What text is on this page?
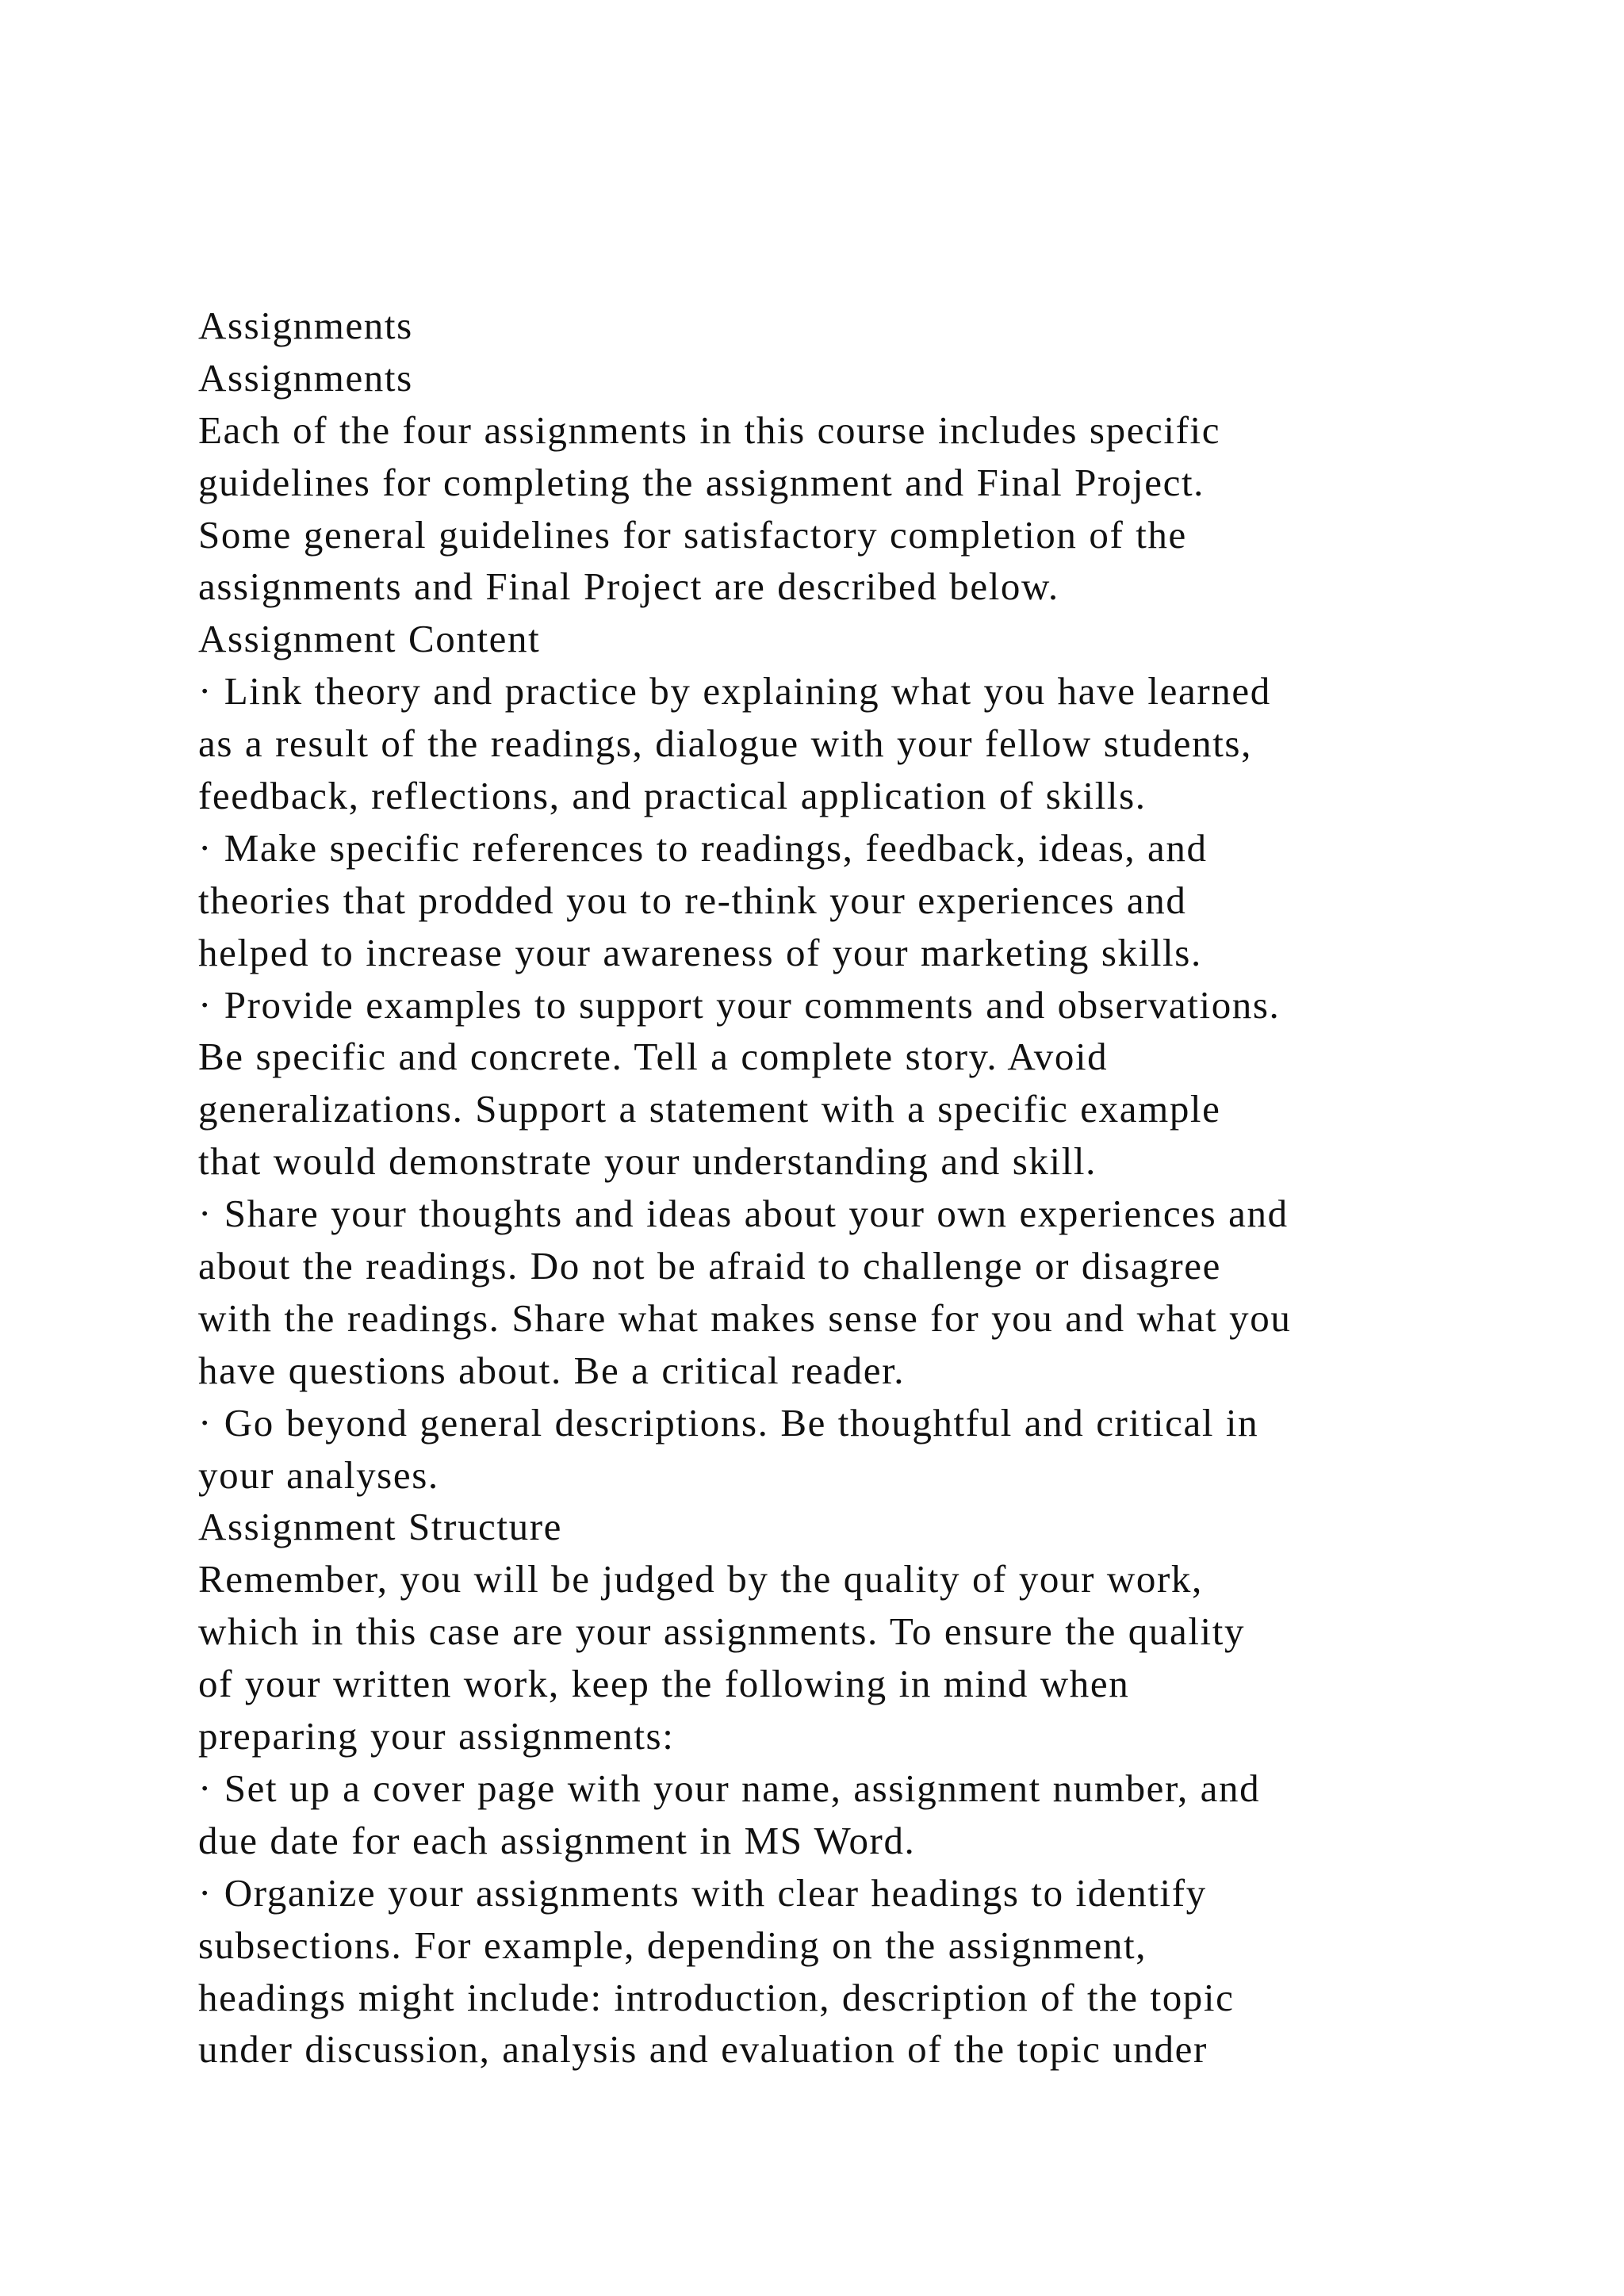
Assignments
Assignments
Each of the four assignments in this course includes specific
guidelines for completing the assignment and Final Project.
Some general guidelines for satisfactory completion of the
assignments and Final Project are described below.
Assignment Content
· Link theory and practice by explaining what you have learned
as a result of the readings, dialogue with your fellow students,
feedback, reflections, and practical application of skills.
· Make specific references to readings, feedback, ideas, and
theories that prodded you to re-think your experiences and
helped to increase your awareness of your marketing skills.
· Provide examples to support your comments and observations.
Be specific and concrete. Tell a complete story. Avoid
generalizations. Support a statement with a specific example
that would demonstrate your understanding and skill.
· Share your thoughts and ideas about your own experiences and
about the readings. Do not be afraid to challenge or disagree
with the readings. Share what makes sense for you and what you
have questions about. Be a critical reader.
· Go beyond general descriptions. Be thoughtful and critical in
your analyses.
Assignment Structure
Remember, you will be judged by the quality of your work,
which in this case are your assignments. To ensure the quality
of your written work, keep the following in mind when
preparing your assignments:
· Set up a cover page with your name, assignment number, and
due date for each assignment in MS Word.
· Organize your assignments with clear headings to identify
subsections. For example, depending on the assignment,
headings might include: introduction, description of the topic
under discussion, analysis and evaluation of the topic under
